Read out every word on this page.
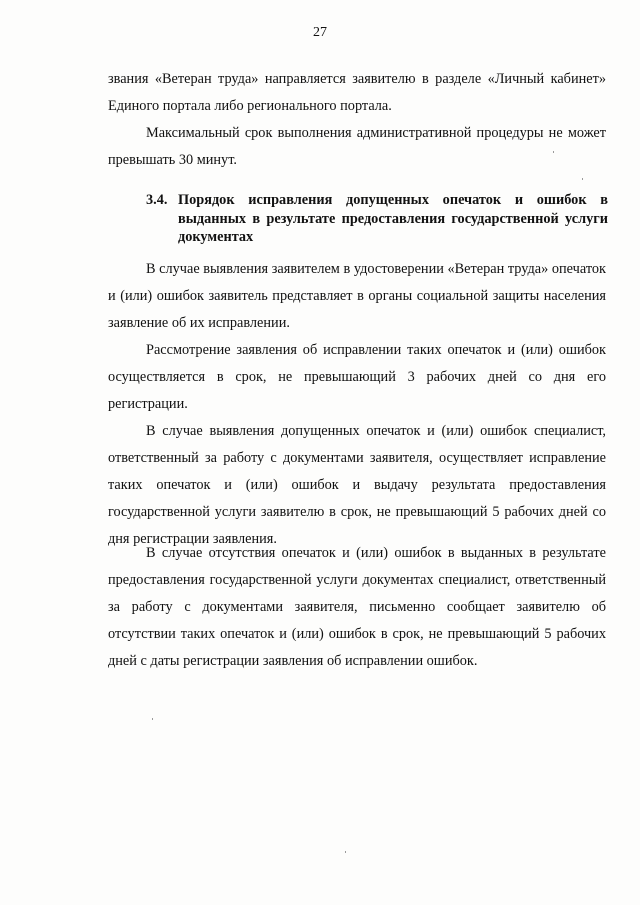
27

звания «Ветеран труда» направляется заявителю в разделе «Личный кабинет» Единого портала либо регионального портала.

Максимальный срок выполнения административной процедуры не может превышать 30 минут.

3.4. Порядок исправления допущенных опечаток и ошибок в выданных в результате предоставления государственной услуги документах

В случае выявления заявителем в удостоверении «Ветеран труда» опечаток и (или) ошибок заявитель представляет в органы социальной защиты населения заявление об их исправлении.

Рассмотрение заявления об исправлении таких опечаток и (или) ошибок осуществляется в срок, не превышающий 3 рабочих дней со дня его регистрации.

В случае выявления допущенных опечаток и (или) ошибок специалист, ответственный за работу с документами заявителя, осуществляет исправление таких опечаток и (или) ошибок и выдачу результата предоставления государственной услуги заявителю в срок, не превышающий 5 рабочих дней со дня регистрации заявления.

В случае отсутствия опечаток и (или) ошибок в выданных в результате предоставления государственной услуги документах специалист, ответственный за работу с документами заявителя, письменно сообщает заявителю об отсутствии таких опечаток и (или) ошибок в срок, не превышающий 5 рабочих дней с даты регистрации заявления об исправлении ошибок.
